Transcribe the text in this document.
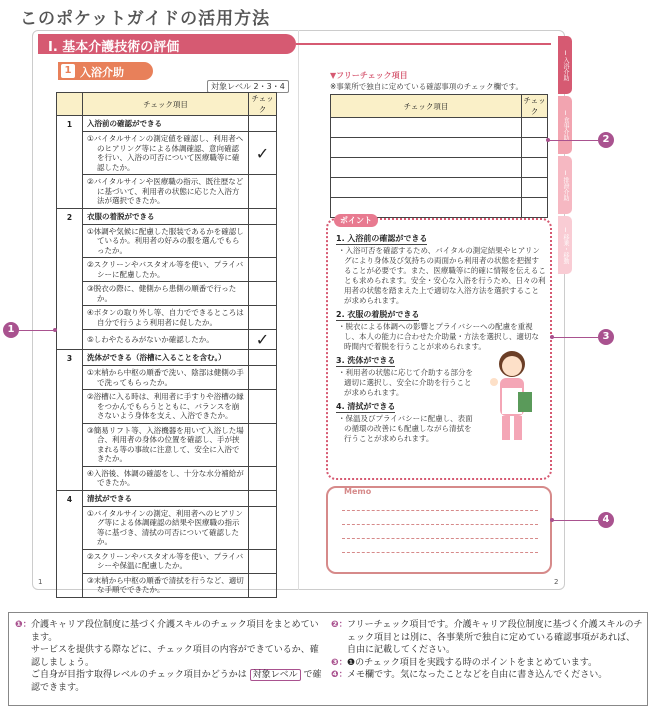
このポケットガイドの活用方法
Ⅰ. 基本介護技術の評価
1 入浴介助
対象レベル 2・3・4
	チェック項目	チェック
1	入浴前の確認ができる	
	①バイタルサインの測定値を確認し、利用者へのヒアリング等による体調確認、意向確認を行い、入浴の可否について医療職等に確認したか。	✓
	②バイタルサインや医療職の指示、既往歴などに基づいて、利用者の状態に応じた入浴方法が選択できたか。	
2	衣服の着脱ができる	
	①体調や気候に配慮した服装であるかを確認しているか。利用者の好みの服を選んでもらったか。	
	②スクリーンやバスタオル等を使い、プライバシーに配慮したか。	
	③脱衣の際に、健側から患側の順番で行ったか。	
	④ボタンの取り外し等、自力でできるところは自分で行うよう利用者に促したか。	
	⑤しわやたるみがないか確認したか。	✓
3	洗体ができる（浴槽に入ることを含む。）	
	①末梢から中枢の順番で洗い、陰部は健側の手で洗ってもらったか。	
	②浴槽に入る時は、利用者に手すりや浴槽の縁をつかんでもらうとともに、バランスを崩さないよう身体を支え、入浴できたか。	
	③簡易リフト等、入浴機器を用いて入浴した場合、利用者の身体の位置を確認し、手が挟まれる等の事故に注意して、安全に入浴できたか。	
	④入浴後、体調の確認をし、十分な水分補給ができたか。	
4	清拭ができる	
	①バイタルサインの測定、利用者へのヒアリング等による体調確認の結果や医療職の指示等に基づき、清拭の可否について確認したか。	
	②スクリーンやバスタオル等を使い、プライバシーや保温に配慮したか。	
	③末梢から中枢の順番で清拭を行うなど、適切な手順でできたか。	
▼フリーチェック項目
※事業所で独自に定めている確認事項のチェック欄です。
チェック項目	チェック

ポイント
1. 入浴前の確認ができる

・入浴可否を確認するため、バイタルの測定結果やヒアリングにより身体及び気持ちの両面から利用者の状態を把握することが必要です。また、医療職等に的確に情報を伝えることも求められます。安全・安心な入浴を行うため、日々の利用者の状態を踏まえた上で適切な入浴方法を選択することが求められます。

2. 衣服の着脱ができる

・脱衣による体調への影響とプライバシーへの配慮を重視し、本人の能力に合わせた介助量・方法を選択し、適切な時間内で着脱を行うことが求められます。

3. 洗体ができる

・利用者の状態に応じて介助する部分を適切に選択し、安全に介助を行うことが求められます。

4. 清拭ができる

・保温及びプライバシーに配慮し、表面の循環の改善にも配慮しながら清拭を行うことが求められます。

Memo
Ⅰ入浴介助
Ⅰ食事介助
Ⅰ排泄介助
Ⅰ移乗・移動
1	2
1
2
3
4
❶： 介護キャリア段位制度に基づく介護スキルのチェック項目をまとめています。
サービスを提供する際などに、チェック項目の内容ができているか、確認しましょう。
ご自身が目指す取得レベルのチェック項目かどうかは 対象レベル で確認できます。
❷： フリーチェック項目です。介護キャリア段位制度に基づく介護スキルのチェック項目とは別に、各事業所で独自に定めている確認事項があれば、自由に記載してください。
❸： ❶のチェック項目を実践する時のポイントをまとめています。
❹： メモ欄です。気になったことなどを自由に書き込んでください。
